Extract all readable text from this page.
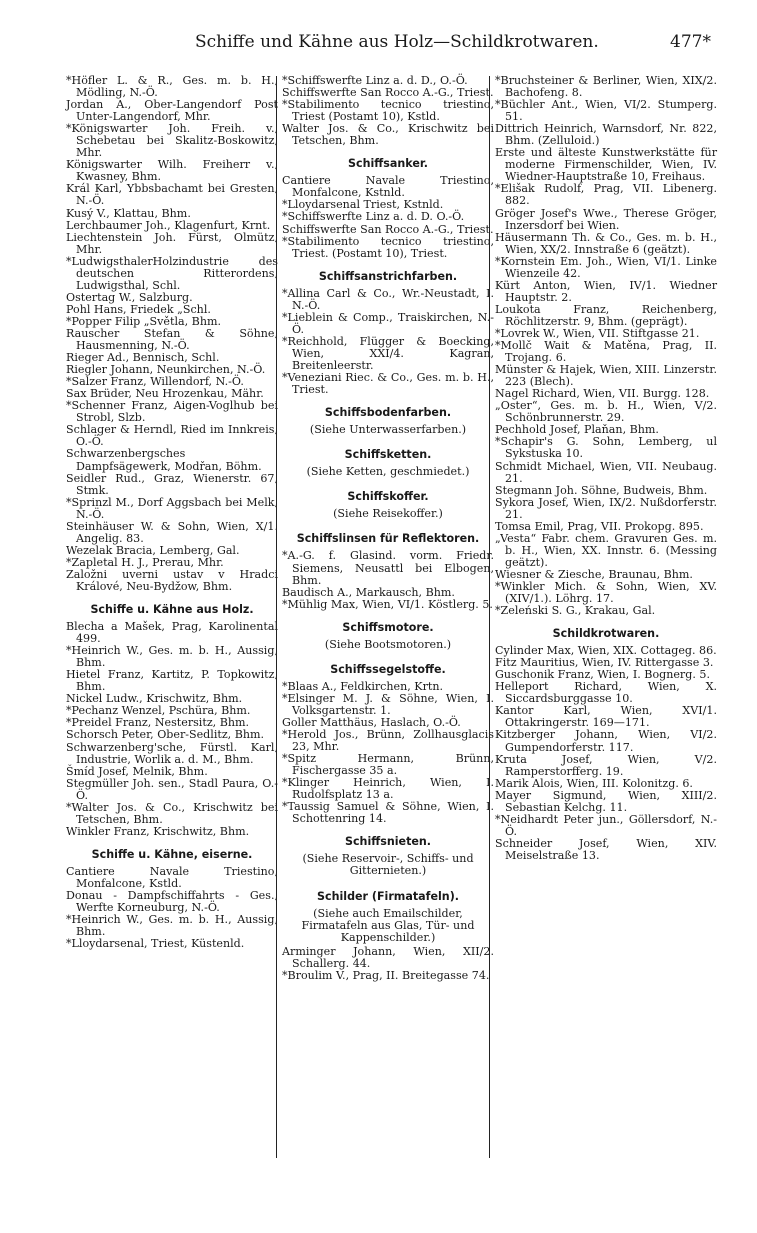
Schiffe und Kähne aus Holz—Schildkrotwaren.	477*
*Höfler L. & R., Ges. m. b. H., Mödling, N.-Ö.
Jordan A., Ober-Langendorf Post Unter-Langendorf, Mhr.
*Königswarter Joh. Freih. v., Schebetau bei Skalitz-Boskowitz, Mhr.
Königswarter Wilh. Freiherr v., Kwasney, Bhm.
Král Karl, Ybbsbachamt bei Gresten, N.-Ö.
Kusý V., Klattau, Bhm.
Lerchbaumer Joh., Klagenfurt, Krnt.
Liechtenstein Joh. Fürst, Olmütz, Mhr.
*LudwigsthalerHolzindustrie des deutschen Ritterordens, Ludwigsthal, Schl.
Ostertag W., Salzburg.
Pohl Hans, Friedek „Schl.
*Popper Filip „Světla, Bhm.
Rauscher Stefan & Söhne, Hausmenning, N.-Ö.
Rieger Ad., Bennisch, Schl.
Riegler Johann, Neunkirchen, N.-Ö.
*Salzer Franz, Willendorf, N.-Ö.
Sax Brüder, Neu Hrozenkau, Mähr.
*Schenner Franz, Aigen-Voglhub bei Strobl, Slzb.
Schlager & Herndl, Ried im Innkreis, O.-Ö.
Schwarzenbergsches Dampfsägewerk, Modřan, Böhm.
Seidler Rud., Graz, Wienerstr. 67, Stmk.
*Sprinzl M., Dorf Aggsbach bei Melk, N.-Ö.
Steinhäuser W. & Sohn, Wien, X/1. Angelig. 83.
Wezelak Bracia, Lemberg, Gal.
*Zapletal H. J., Prerau, Mhr.
Založni uverni ustav v Hradci Králové, Neu-Bydžow, Bhm.
Schiffe u. Kähne aus Holz.
Blecha a Mašek, Prag, Karolinental 499.
*Heinrich W., Ges. m. b. H., Aussig, Bhm.
Hietel Franz, Kartitz, P. Topkowitz, Bhm.
Nickel Ludw., Krischwitz, Bhm.
*Pechanz Wenzel, Pschüra, Bhm.
*Preidel Franz, Nestersitz, Bhm.
Schorsch Peter, Ober-Sedlitz, Bhm.
Schwarzenberg'sche, Fürstl. Karl, Industrie, Worlik a. d. M., Bhm.
Šmíd Josef, Melnik, Bhm.
Stegmüller Joh. sen., Stadl Paura, O.-Ö.
*Walter Jos. & Co., Krischwitz bei Tetschen, Bhm.
Winkler Franz, Krischwitz, Bhm.
Schiffe u. Kähne, eiserne.
Cantiere Navale Triestino, Monfalcone, Kstld.
Donau - Dampfschiffahrts - Ges., Werfte Korneuburg, N.-Ö.
*Heinrich W., Ges. m. b. H., Aussig, Bhm.
*Lloydarsenal, Triest, Küstenld.
*Schiffswerfte Linz a. d. D., O.-Ö.
Schiffswerfte San Rocco A.-G., Triest.
*Stabilimento tecnico triestino, Triest (Postamt 10), Kstld.
Walter Jos. & Co., Krischwitz bei Tetschen, Bhm.
Schiffsanker.
Cantiere Navale Triestino, Monfalcone, Kstnld.
*Lloydarsenal Triest, Kstnld.
*Schiffswerfte Linz a. d. D. O.-Ö.
Schiffswerfte San Rocco A.-G., Triest.
*Stabilimento tecnico triestino, Triest. (Postamt 10), Triest.
Schiffsanstrichfarben.
*Allina Carl & Co., Wr.-Neustadt, I. N.-Ö.
*Lieblein & Comp., Traiskirchen, N.-Ö.
*Reichhold, Flügger & Boecking, Wien, XXI/4. Kagran, Breitenleerstr.
*Veneziani Rieс. & Co., Ges. m. b. H., Triest.
Schiffsbodenfarben.
(Siehe Unterwasserfarben.)
Schiffsketten.
(Siehe Ketten, geschmiedet.)
Schiffskoffer.
(Siehe Reisekoffer.)
Schiffslinsen für Reflektoren.
*A.-G. f. Glasind. vorm. Friedr. Siemens, Neusattl bei Elbogen, Bhm.
Baudisch A., Markausch, Bhm.
*Mühlig Max, Wien, VI/1. Köstlerg. 5.
Schiffsmotore.
(Siehe Bootsmotoren.)
Schiffssegelstoffe.
*Blaas A., Feldkirchen, Krtn.
*Elsinger M. J. & Söhne, Wien, I. Volksgartenstr. 1.
Goller Matthäus, Haslach, O.-Ö.
*Herold Jos., Brünn, Zollhausglacis 23, Mhr.
*Spitz Hermann, Brünn, Fischergasse 35 a.
*Klinger Heinrich, Wien, I. Rudolfsplatz 13 a.
*Taussig Samuel & Söhne, Wien, I. Schottenring 14.
Schiffsnieten.
(Siehe Reservoir-, Schiffs- und Gitternieten.)
Schilder (Firmatafeln).
(Siehe auch Emailschilder, Firmatafeln aus Glas, Tür- und Kappenschilder.)
Arminger Johann, Wien, XII/2. Schallerg. 44.
*Broulim V., Prag, II. Breitegasse 74.
*Bruchsteiner & Berliner, Wien, XIX/2. Bachofeng. 8.
*Büchler Ant., Wien, VI/2. Stumperg. 51.
Dittrich Heinrich, Warnsdorf, Nr. 822, Bhm. (Zelluloid.)
Erste und älteste Kunstwerkstätte für moderne Firmenschilder, Wien, IV. Wiedner-Hauptstraße 10, Freihaus.
*Elišak Rudolf, Prag, VII. Libenerg. 882.
Gröger Josef's Wwe., Therese Gröger, Inzersdorf bei Wien.
Häusermann Th. & Co., Ges. m. b. H., Wien, XX/2. Innstraße 6 (geätzt).
*Kornstein Em. Joh., Wien, VI/1. Linke Wienzeile 42.
Kürt Anton, Wien, IV/1. Wiedner Hauptstr. 2.
Loukota Franz, Reichenberg, Röchlitzerstr. 9, Bhm. (geprägt).
*Lovrek W., Wien, VII. Stiftgasse 21.
*Mollč Wait & Matěna, Prag, II. Trojang. 6.
Münster & Hajek, Wien, XIII. Linzerstr. 223 (Blech).
Nagel Richard, Wien, VII. Burgg. 128.
„Oster“, Ges. m. b. H., Wien, V/2. Schönbrunnerstr. 29.
Pechhold Josef, Plaňan, Bhm.
*Schapir's G. Sohn, Lemberg, ul Sykstuska 10.
Schmidt Michael, Wien, VII. Neubaug. 21.
Stegmann Joh. Söhne, Budweis, Bhm.
Sykora Josef, Wien, IX/2. Nußdorferstr. 21.
Tomsa Emil, Prag, VII. Prokopg. 895.
„Vesta“ Fabr. chem. Gravuren Ges. m. b. H., Wien, XX. Innstr. 6. (Messing geätzt).
Wiesner & Ziesche, Braunau, Bhm.
*Winkler Mich. & Sohn, Wien, XV. (XIV/1.). Löhrg. 17.
*Zeleński S. G., Krakau, Gal.
Schildkrotwaren.
Cylinder Max, Wien, XIX. Cottageg. 86.
Fitz Mauritius, Wien, IV. Rittergasse 3.
Guschonik Franz, Wien, I. Bognerg. 5.
Helleport Richard, Wien, X. Siccardsburggasse 10.
Kantor Karl, Wien, XVI/1. Ottakringerstr. 169—171.
Kitzberger Johann, Wien, VI/2. Gumpendorferstr. 117.
Kruta Josef, Wien, V/2. Ramperstorfferg. 19.
Marik Alois, Wien, III. Kolonitzg. 6.
Mayer Sigmund, Wien, XIII/2. Sebastian Kelchg. 11.
*Neidhardt Peter jun., Göllersdorf, N.-Ö.
Schneider Josef, Wien, XIV. Meiselstraße 13.
